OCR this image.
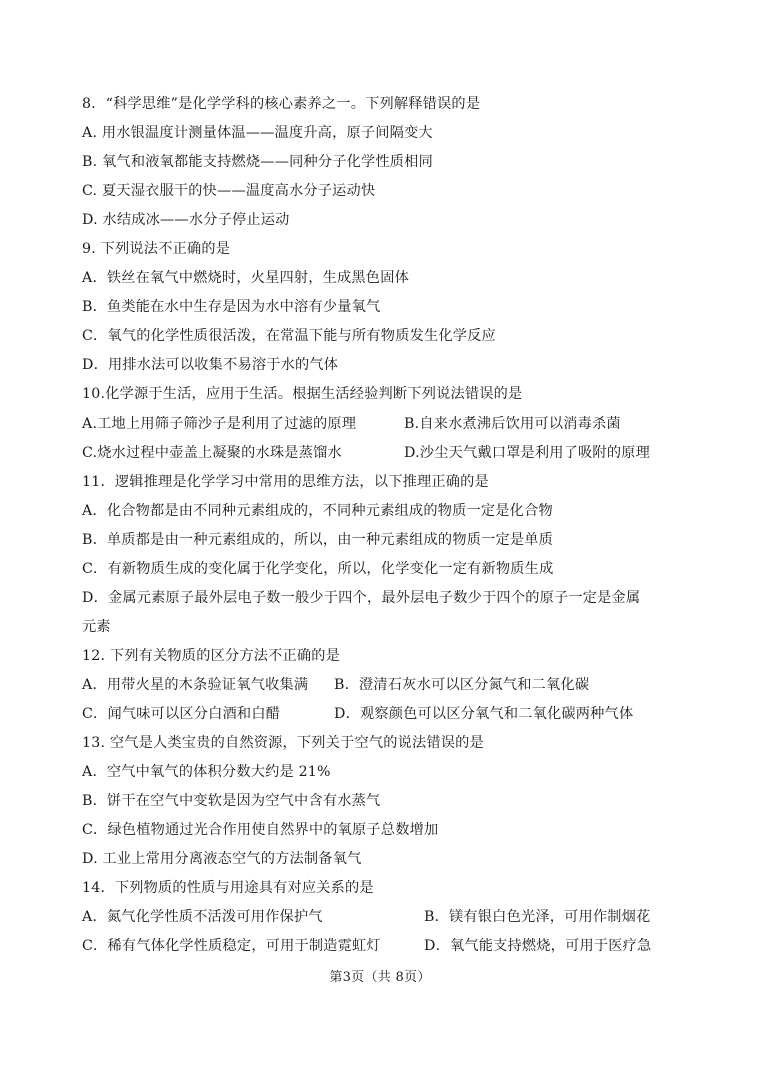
8．“科学思维”是化学学科的核心素养之一。下列解释错误的是
A. 用水银温度计测量体温——温度升高，原子间隔变大
B. 氧气和液氧都能支持燃烧——同种分子化学性质相同
C. 夏天湿衣服干的快——温度高水分子运动快
D. 水结成冰——水分子停止运动
9. 下列说法不正确的是
A．铁丝在氧气中燃烧时，火星四射，生成黑色固体
B．鱼类能在水中生存是因为水中溶有少量氧气
C．氧气的化学性质很活泼，在常温下能与所有物质发生化学反应
D．用排水法可以收集不易溶于水的气体
10.化学源于生活，应用于生活。根据生活经验判断下列说法错误的是
A.工地上用筛子筛沙子是利用了过滤的原理	B.自来水煮沸后饮用可以消毒杀菌
C.烧水过程中壶盖上凝聚的水珠是蒸馏水	D.沙尘天气戴口罩是利用了吸附的原理
11．逻辑推理是化学学习中常用的思维方法，以下推理正确的是
A．化合物都是由不同种元素组成的，不同种元素组成的物质一定是化合物
B．单质都是由一种元素组成的，所以，由一种元素组成的物质一定是单质
C．有新物质生成的变化属于化学变化，所以，化学变化一定有新物质生成
D．金属元素原子最外层电子数一般少于四个，最外层电子数少于四个的原子一定是金属
元素
12. 下列有关物质的区分方法不正确的是
A．用带火星的木条验证氧气收集满	B．澄清石灰水可以区分氮气和二氧化碳
C．闻气味可以区分白酒和白醋	D．观察颜色可以区分氧气和二氧化碳两种气体
13. 空气是人类宝贵的自然资源，下列关于空气的说法错误的是
A．空气中氧气的体积分数大约是 21%
B．饼干在空气中变软是因为空气中含有水蒸气
C．绿色植物通过光合作用使自然界中的氧原子总数增加
D. 工业上常用分离液态空气的方法制备氧气
14．下列物质的性质与用途具有对应关系的是
A．氮气化学性质不活泼可用作保护气	B．镁有银白色光泽，可用作制烟花
C．稀有气体化学性质稳定，可用于制造霓虹灯	D．氧气能支持燃烧，可用于医疗急
第3页（共 8页）
